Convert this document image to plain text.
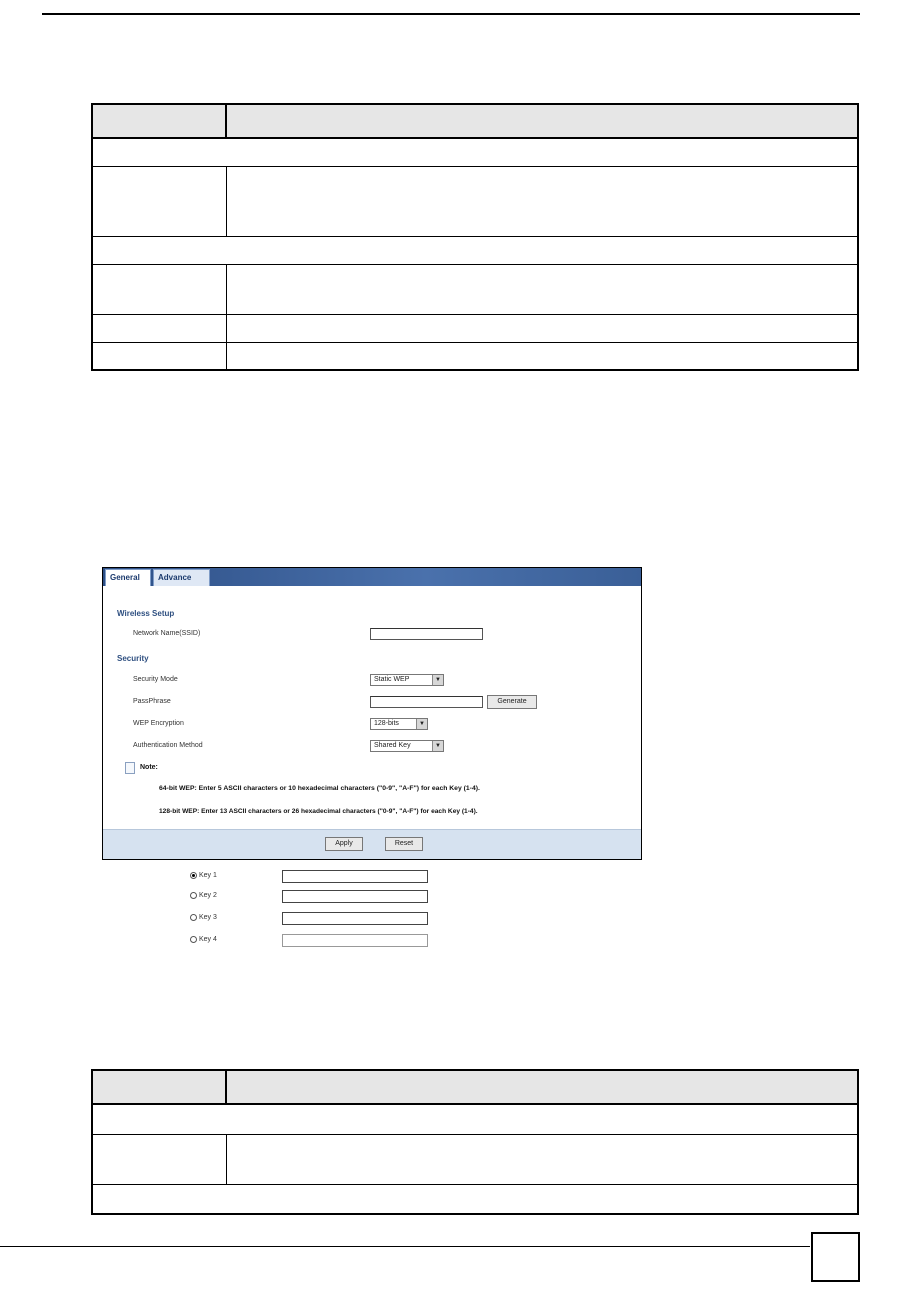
General	Advance
Wireless Setup
Network Name(SSID)
Security
Security Mode	Static WEP	▼
PassPhrase	Generate
WEP Encryption	128-bits	▼
Authentication Method	Shared Key	▼
Note:
64-bit WEP: Enter 5 ASCII characters or 10 hexadecimal characters ("0-9", "A-F") for each Key (1-4).
128-bit WEP: Enter 13 ASCII characters or 26 hexadecimal characters ("0-9", "A-F") for each Key (1-4).
Key 1
Key 2
Key 3
Key 4
Apply	Reset
